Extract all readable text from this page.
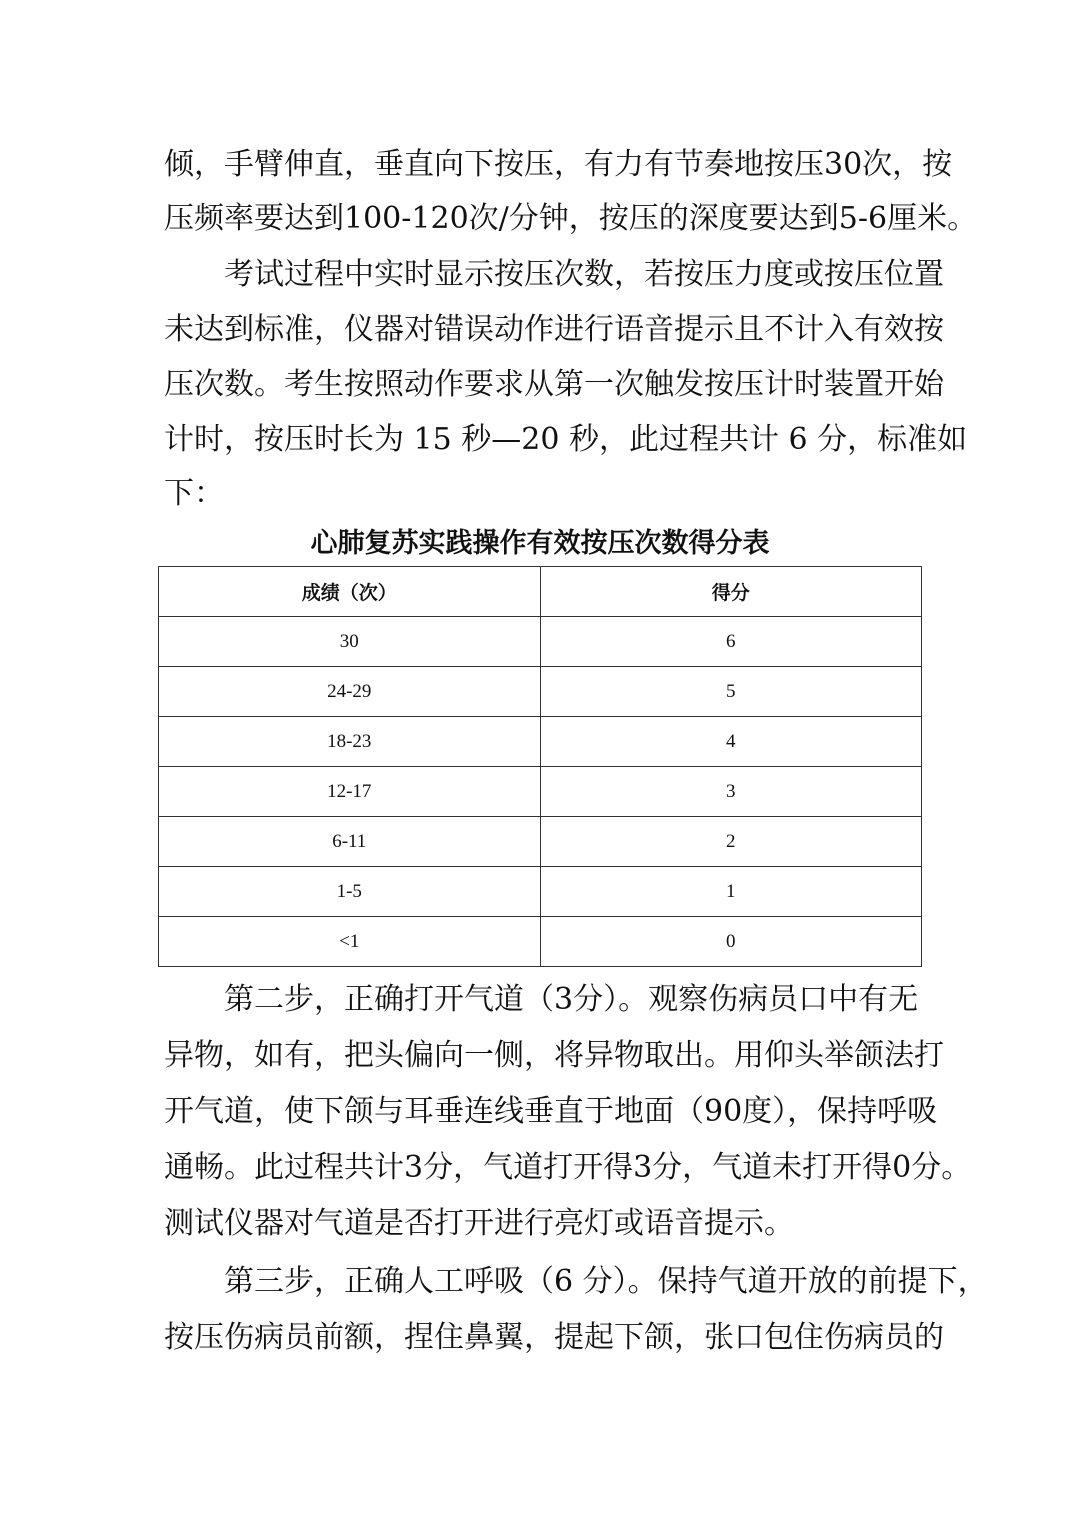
倾，手臂伸直，垂直向下按压，有力有节奏地按压30次，按
压频率要达到100-120次/分钟，按压的深度要达到5-6厘米。
考试过程中实时显示按压次数，若按压力度或按压位置
未达到标准，仪器对错误动作进行语音提示且不计入有效按
压次数。考生按照动作要求从第一次触发按压计时装置开始
计时，按压时长为 15 秒—20 秒，此过程共计 6 分，标准如
下：
心肺复苏实践操作有效按压次数得分表
成绩（次）	得分
30	6
24-29	5
18-23	4
12-17	3
6-11	2
1-5	1
<1	0
第二步，正确打开气道（3分）。观察伤病员口中有无
异物，如有，把头偏向一侧，将异物取出。用仰头举颌法打
开气道，使下颌与耳垂连线垂直于地面（90度），保持呼吸
通畅。此过程共计3分，气道打开得3分，气道未打开得0分。
测试仪器对气道是否打开进行亮灯或语音提示。
第三步，正确人工呼吸（6 分）。保持气道开放的前提下，
按压伤病员前额，捏住鼻翼，提起下颌，张口包住伤病员的
